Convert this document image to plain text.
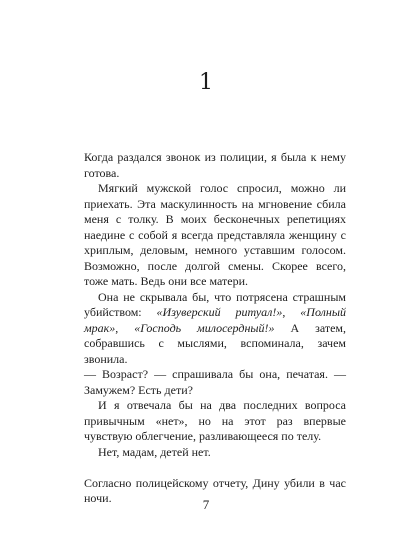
1

Когда раздался звонок из полиции, я была к нему готова.

Мягкий мужской голос спросил, можно ли приехать. Эта маскулинность на мгновение сбила меня с толку. В моих бесконечных репетициях наедине с собой я всегда представляла женщину с хриплым, деловым, немного уставшим голосом. Возможно, после долгой смены. Скорее всего, тоже мать. Ведь они все матери.

Она не скрывала бы, что потрясена страшным убийством: «Изуверский ритуал!», «Полный мрак», «Господь милосердный!» А затем, собравшись с мыслями, вспоминала, зачем звонила.

— Возраст? — спрашивала бы она, печатая. — Замужем? Есть дети?

И я отвечала бы на два последних вопроса привычным «нет», но на этот раз впервые чувствую облегчение, разливающееся по телу.

Нет, мадам, детей нет.

Согласно полицейскому отчету, Дину убили в час ночи.	7
